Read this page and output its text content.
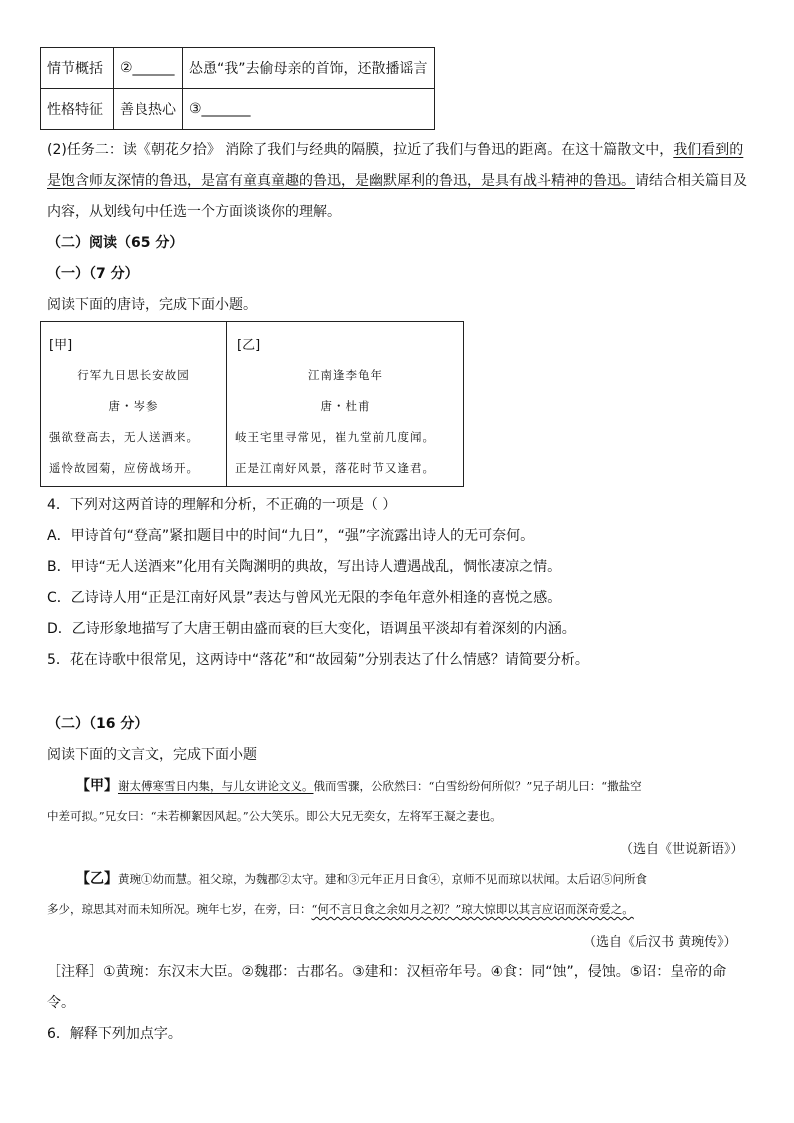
情节概括	②______	怂恿“我”去偷母亲的首饰，还散播谣言
性格特征	善良热心	③_______
(2)任务二：读《朝花夕拾》 消除了我们与经典的隔膜，拉近了我们与鲁迅的距离。在这十篇散文中，我们看到的
是饱含师友深情的鲁迅，是富有童真童趣的鲁迅，是幽默犀利的鲁迅，是具有战斗精神的鲁迅。请结合相关篇目及
内容，从划线句中任选一个方面谈谈你的理解。
（二）阅读（65 分）
（一）（7 分）
阅读下面的唐诗，完成下面小题。
[甲]
行军九日思长安故园
唐・岑参
强欲登高去，无人送酒来。
遥怜故园菊，应傍战场开。
[乙]
江南逢李龟年
唐・杜甫
岐王宅里寻常见，崔九堂前几度闻。
正是江南好风景，落花时节又逢君。
4．下列对这两首诗的理解和分析，不正确的一项是（ ）
A．甲诗首句“登高”紧扣题目中的时间“九日”，“强”字流露出诗人的无可奈何。
B．甲诗“无人送酒来”化用有关陶渊明的典故，写出诗人遭遇战乱，惆怅凄凉之情。
C．乙诗诗人用“正是江南好风景”表达与曾风光无限的李龟年意外相逢的喜悦之感。
D．乙诗形象地描写了大唐王朝由盛而衰的巨大变化，语调虽平淡却有着深刻的内涵。
5．花在诗歌中很常见，这两诗中“落花”和“故园菊”分别表达了什么情感？请简要分析。
（二）（16 分）
阅读下面的文言文，完成下面小题
【甲】谢太傅寒雪日内集，与儿女讲论文义。俄而雪骤，公欣然曰：“白雪纷纷何所似？”兄子胡儿曰：“撒盐空
中差可拟。”兄女曰：“未若柳絮因风起。”公大笑乐。即公大兄无奕女，左将军王凝之妻也。
（选自《世说新语》）
【乙】黄琬①幼而慧。祖父琼，为魏郡②太守。建和③元年正月日食④，京师不见而琼以状闻。太后诏⑤问所食
多少，琼思其对而未知所况。琬年七岁，在旁，曰：“何不言日食之余如月之初？”琼大惊即以其言应诏而深奇爱之。
（选自《后汉书 黄琬传》）
［注释］①黄琬：东汉末大臣。②魏郡：古郡名。③建和：汉桓帝年号。④食：同“蚀”，侵蚀。⑤诏：皇帝的命
令。
6．解释下列加点字。
